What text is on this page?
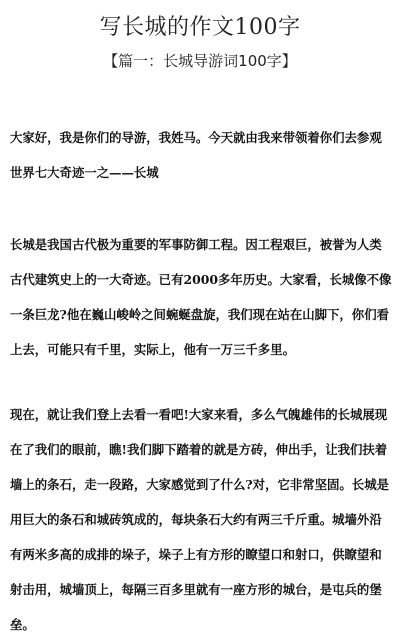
写长城的作文100字
【篇一：长城导游词100字】

大家好，我是你们的导游，我姓马。今天就由我来带领着你们去参观世界七大奇迹一之——长城

长城是我国古代极为重要的军事防御工程。因工程艰巨，被誉为人类古代建筑史上的一大奇迹。已有2000多年历史。大家看，长城像不像一条巨龙?他在巍山峻岭之间蜿蜒盘旋，我们现在站在山脚下，你们看上去，可能只有千里，实际上，他有一万三千多里。

现在，就让我们登上去看一看吧!大家来看，多么气魄雄伟的长城展现在了我们的眼前，瞧!我们脚下踏着的就是方砖，伸出手，让我们扶着墙上的条石，走一段路，大家感觉到了什么?对，它非常坚固。长城是用巨大的条石和城砖筑成的，每块条石大约有两三千斤重。城墙外沿有两米多高的成排的垛子，垛子上有方形的瞭望口和射口，供瞭望和射击用，城墙顶上，每隔三百多里就有一座方形的城台，是屯兵的堡垒。
